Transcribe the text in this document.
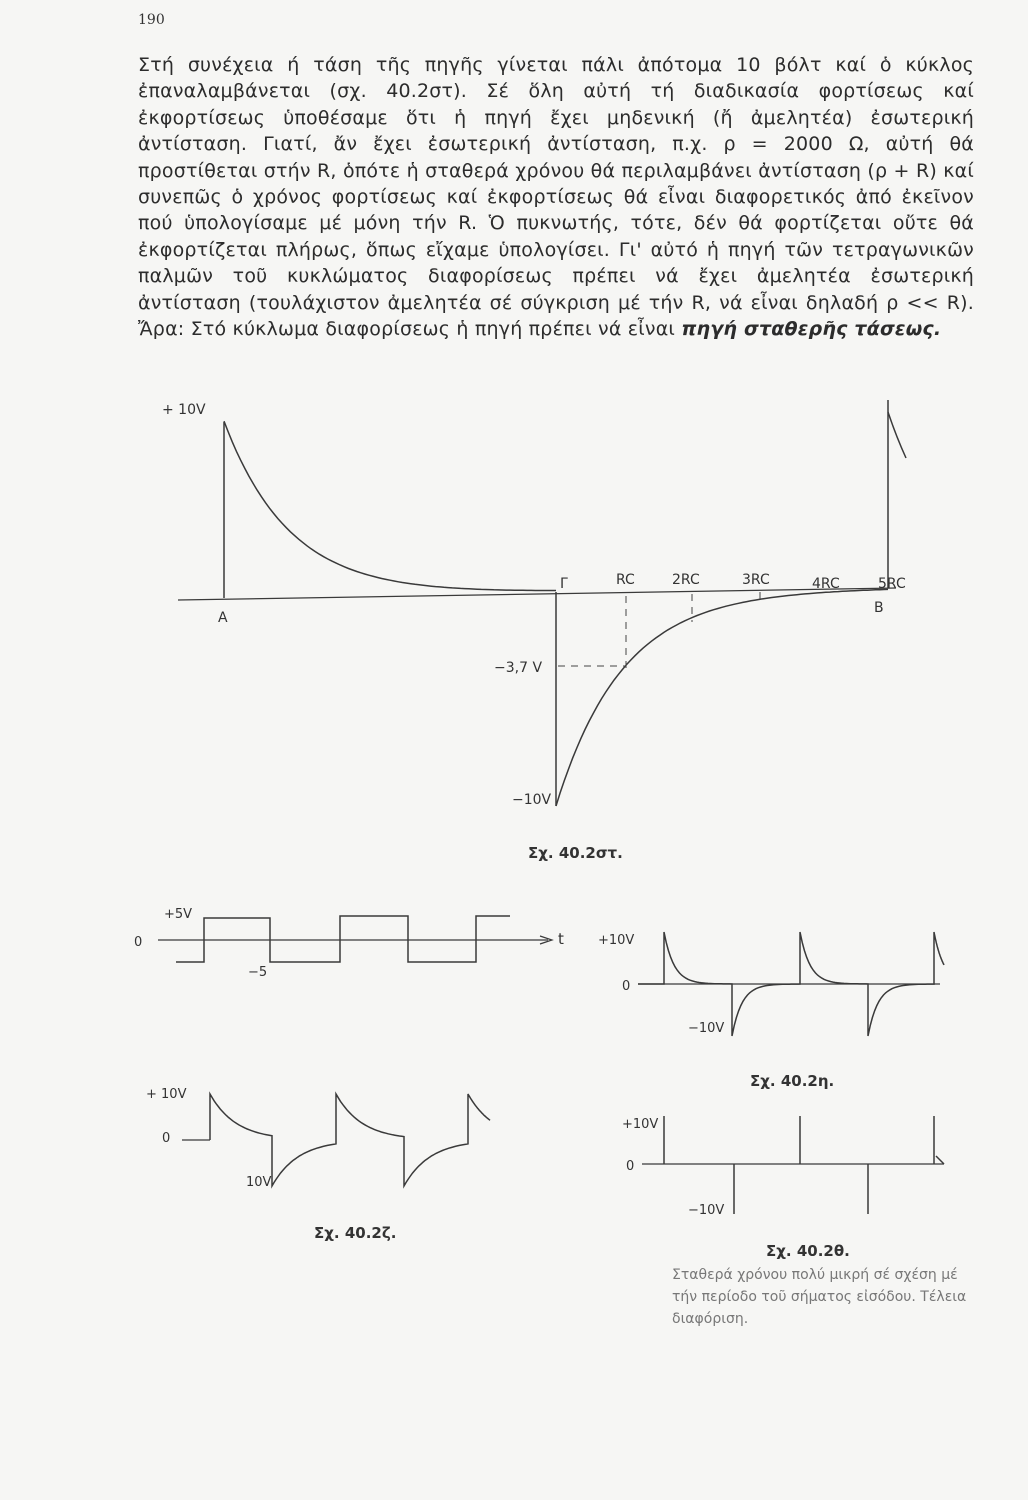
190
Στή συνέχεια ή τάση τῆς πηγῆς γίνεται πάλι ἀπότομα 10 βόλτ καί ὁ κύκλος ἐπαναλαμβάνεται (σχ. 40.2στ). Σέ ὅλη αὐτή τή διαδικασία φορτίσεως καί ἐκφορτίσεως ὑποθέσαμε ὅτι ἡ πηγή ἔχει μηδενική (ἤ ἀμελητέα) ἐσωτερική ἀντίσταση. Γιατί, ἄν ἔχει ἐσωτερική ἀντίσταση, π.χ. ρ = 2000 Ω, αὐτή θά προστίθεται στήν R, ὁπότε ἡ σταθερά χρόνου θά περιλαμβάνει ἀντίσταση (ρ + R) καί συνεπῶς ὁ χρόνος φορτίσεως καί ἐκφορτίσεως θά εἶναι διαφορετικός ἀπό ἐκεῖνον πού ὑπολογίσαμε μέ μόνη τήν R. Ὁ πυκνωτής, τότε, δέν θά φορτίζεται οὔτε θά ἐκφορτίζεται πλήρως, ὅπως εἴχαμε ὑπολογίσει. Γι' αὐτό ἡ πηγή τῶν τετραγωνικῶν παλμῶν τοῦ κυκλώματος διαφορίσεως πρέπει νά ἔχει ἀμελητέα ἐσωτερική ἀντίσταση (τουλάχιστον ἀμελητέα σέ σύγκριση μέ τήν R, νά εἶναι δηλαδή ρ << R). Ἄρα: Στό κύκλωμα διαφορίσεως ἡ πηγή πρέπει νά εἶναι πηγή σταθερῆς τάσεως.
+ 10V
A
Γ
B
RC	2RC	3RC	4RC	5RC
−3,7 V
−10V
Σχ. 40.2στ.
+5V
0
−5
t	+10V
0
−10V
+ 10V
0
10V
+10V
0
−10V
Σχ. 40.2η.
Σχ. 40.2ζ.
Σχ. 40.2θ.
Σταθερά χρόνου πολύ μικρή σέ σχέση μέ τήν περίοδο τοῦ σήματος εἰσόδου. Τέλεια διαφόριση.
